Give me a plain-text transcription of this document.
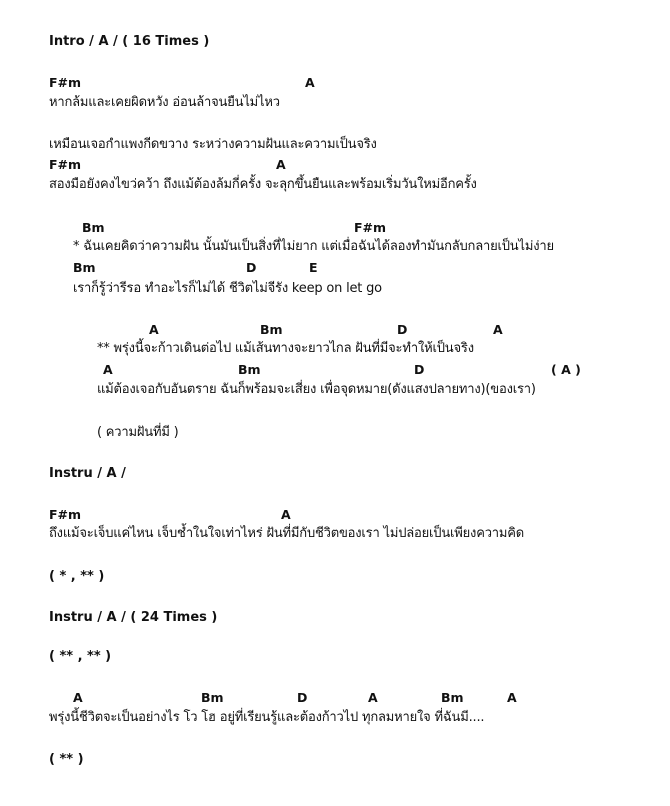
Intro / A / ( 16 Times )
F#m	A
หากล้มและเคยผิดหวัง อ่อนล้าจนยืนไม่ไหว
เหมือนเจอกำแพงกีดขวาง ระหว่างความฝันและความเป็นจริง
F#m	A
สองมือยังคงไขว่คว้า ถึงแม้ต้องล้มกี่ครั้ง จะลุกขึ้นยืนและพร้อมเริ่มวันใหม่อีกครั้ง
Bm	F#m
* ฉันเคยคิดว่าความฝัน นั้นมันเป็นสิ่งที่ไม่ยาก แต่เมื่อฉันได้ลองทำมันกลับกลายเป็นไม่ง่าย
Bm	D	E
เราก็รู้ว่ารีรอ ทำอะไรก็ไม่ได้ ชีวิตไม่จีรัง keep on let go
A	Bm	D	A
** พรุ่งนี้จะก้าวเดินต่อไป แม้เส้นทางจะยาวไกล ฝันที่มีจะทำให้เป็นจริง
A	Bm	D	( A )
แม้ต้องเจอกับอันตราย ฉันก็พร้อมจะเสี่ยง เพื่อจุดหมาย(ดังแสงปลายทาง)(ของเรา)
( ความฝันที่มี )
Instru / A /
F#m	A
ถึงแม้จะเจ็บแค่ไหน เจ็บช้ำในใจเท่าไหร่ ฝันที่มีกับชีวิตของเรา ไม่ปล่อยเป็นเพียงความคิด
( * , ** )
Instru / A / ( 24 Times )
( ** , ** )
A	Bm	D	A	Bm	A
พรุ่งนี้ชีวิตจะเป็นอย่างไร โว โฮ อยู่ที่เรียนรู้และต้องก้าวไป ทุกลมหายใจ ที่ฉันมี....
( ** )
